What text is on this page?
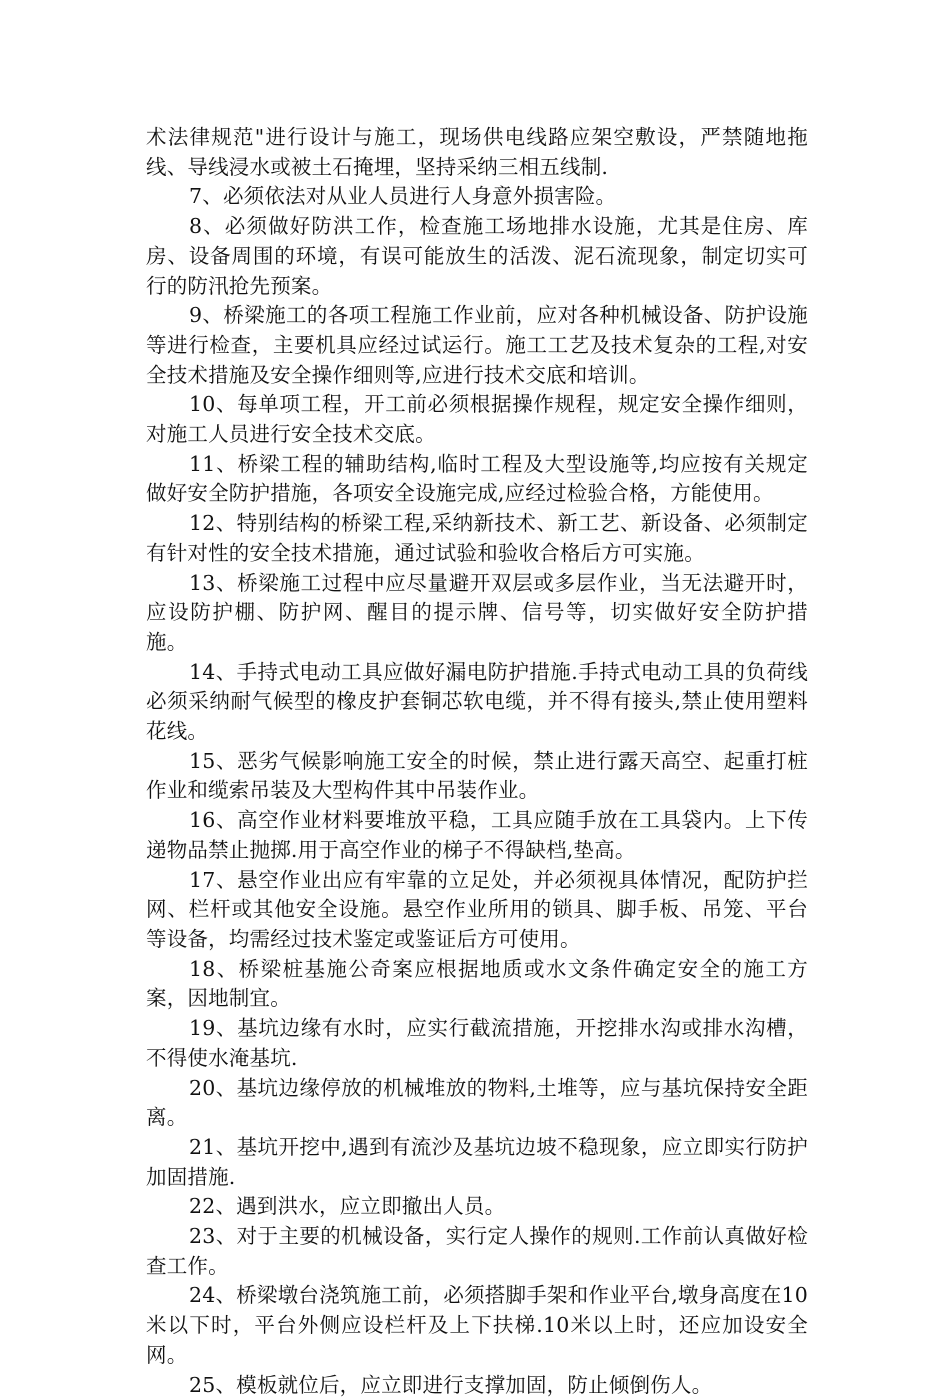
术法律规范"进行设计与施工，现场供电线路应架空敷设，严禁随地拖线、导线浸水或被土石掩埋，坚持采纳三相五线制.

7、必须依法对从业人员进行人身意外损害险。

8、必须做好防洪工作，检查施工场地排水设施，尤其是住房、库房、设备周围的环境，有误可能放生的活泼、泥石流现象，制定切实可行的防汛抢先预案。

9、桥梁施工的各项工程施工作业前，应对各种机械设备、防护设施等进行检查，主要机具应经过试运行。施工工艺及技术复杂的工程,对安全技术措施及安全操作细则等,应进行技术交底和培训。

10、每单项工程，开工前必须根据操作规程，规定安全操作细则，对施工人员进行安全技术交底。

11、桥梁工程的辅助结构,临时工程及大型设施等,均应按有关规定做好安全防护措施，各项安全设施完成,应经过检验合格，方能使用。

12、特别结构的桥梁工程,采纳新技术、新工艺、新设备、必须制定有针对性的安全技术措施，通过试验和验收合格后方可实施。

13、桥梁施工过程中应尽量避开双层或多层作业，当无法避开时，应设防护棚、防护网、醒目的提示牌、信号等，切实做好安全防护措施。

14、手持式电动工具应做好漏电防护措施.手持式电动工具的负荷线必须采纳耐气候型的橡皮护套铜芯软电缆，并不得有接头,禁止使用塑料花线。

15、恶劣气候影响施工安全的时候，禁止进行露天高空、起重打桩作业和缆索吊装及大型构件其中吊装作业。

16、高空作业材料要堆放平稳，工具应随手放在工具袋内。上下传递物品禁止抛掷.用于高空作业的梯子不得缺档,垫高。

17、悬空作业出应有牢靠的立足处，并必须视具体情况，配防护拦网、栏杆或其他安全设施。悬空作业所用的锁具、脚手板、吊笼、平台等设备，均需经过技术鉴定或鉴证后方可使用。

18、桥梁桩基施公奇案应根据地质或水文条件确定安全的施工方案，因地制宜。

19、基坑边缘有水时，应实行截流措施，开挖排水沟或排水沟槽，不得使水淹基坑.

20、基坑边缘停放的机械堆放的物料,土堆等，应与基坑保持安全距离。

21、基坑开挖中,遇到有流沙及基坑边坡不稳现象，应立即实行防护加固措施.

22、遇到洪水，应立即撤出人员。

23、对于主要的机械设备，实行定人操作的规则.工作前认真做好检查工作。

24、桥梁墩台浇筑施工前，必须搭脚手架和作业平台,墩身高度在10米以下时，平台外侧应设栏杆及上下扶梯.10米以上时，还应加设安全网。

25、模板就位后，应立即进行支撑加固，防止倾倒伤人。
